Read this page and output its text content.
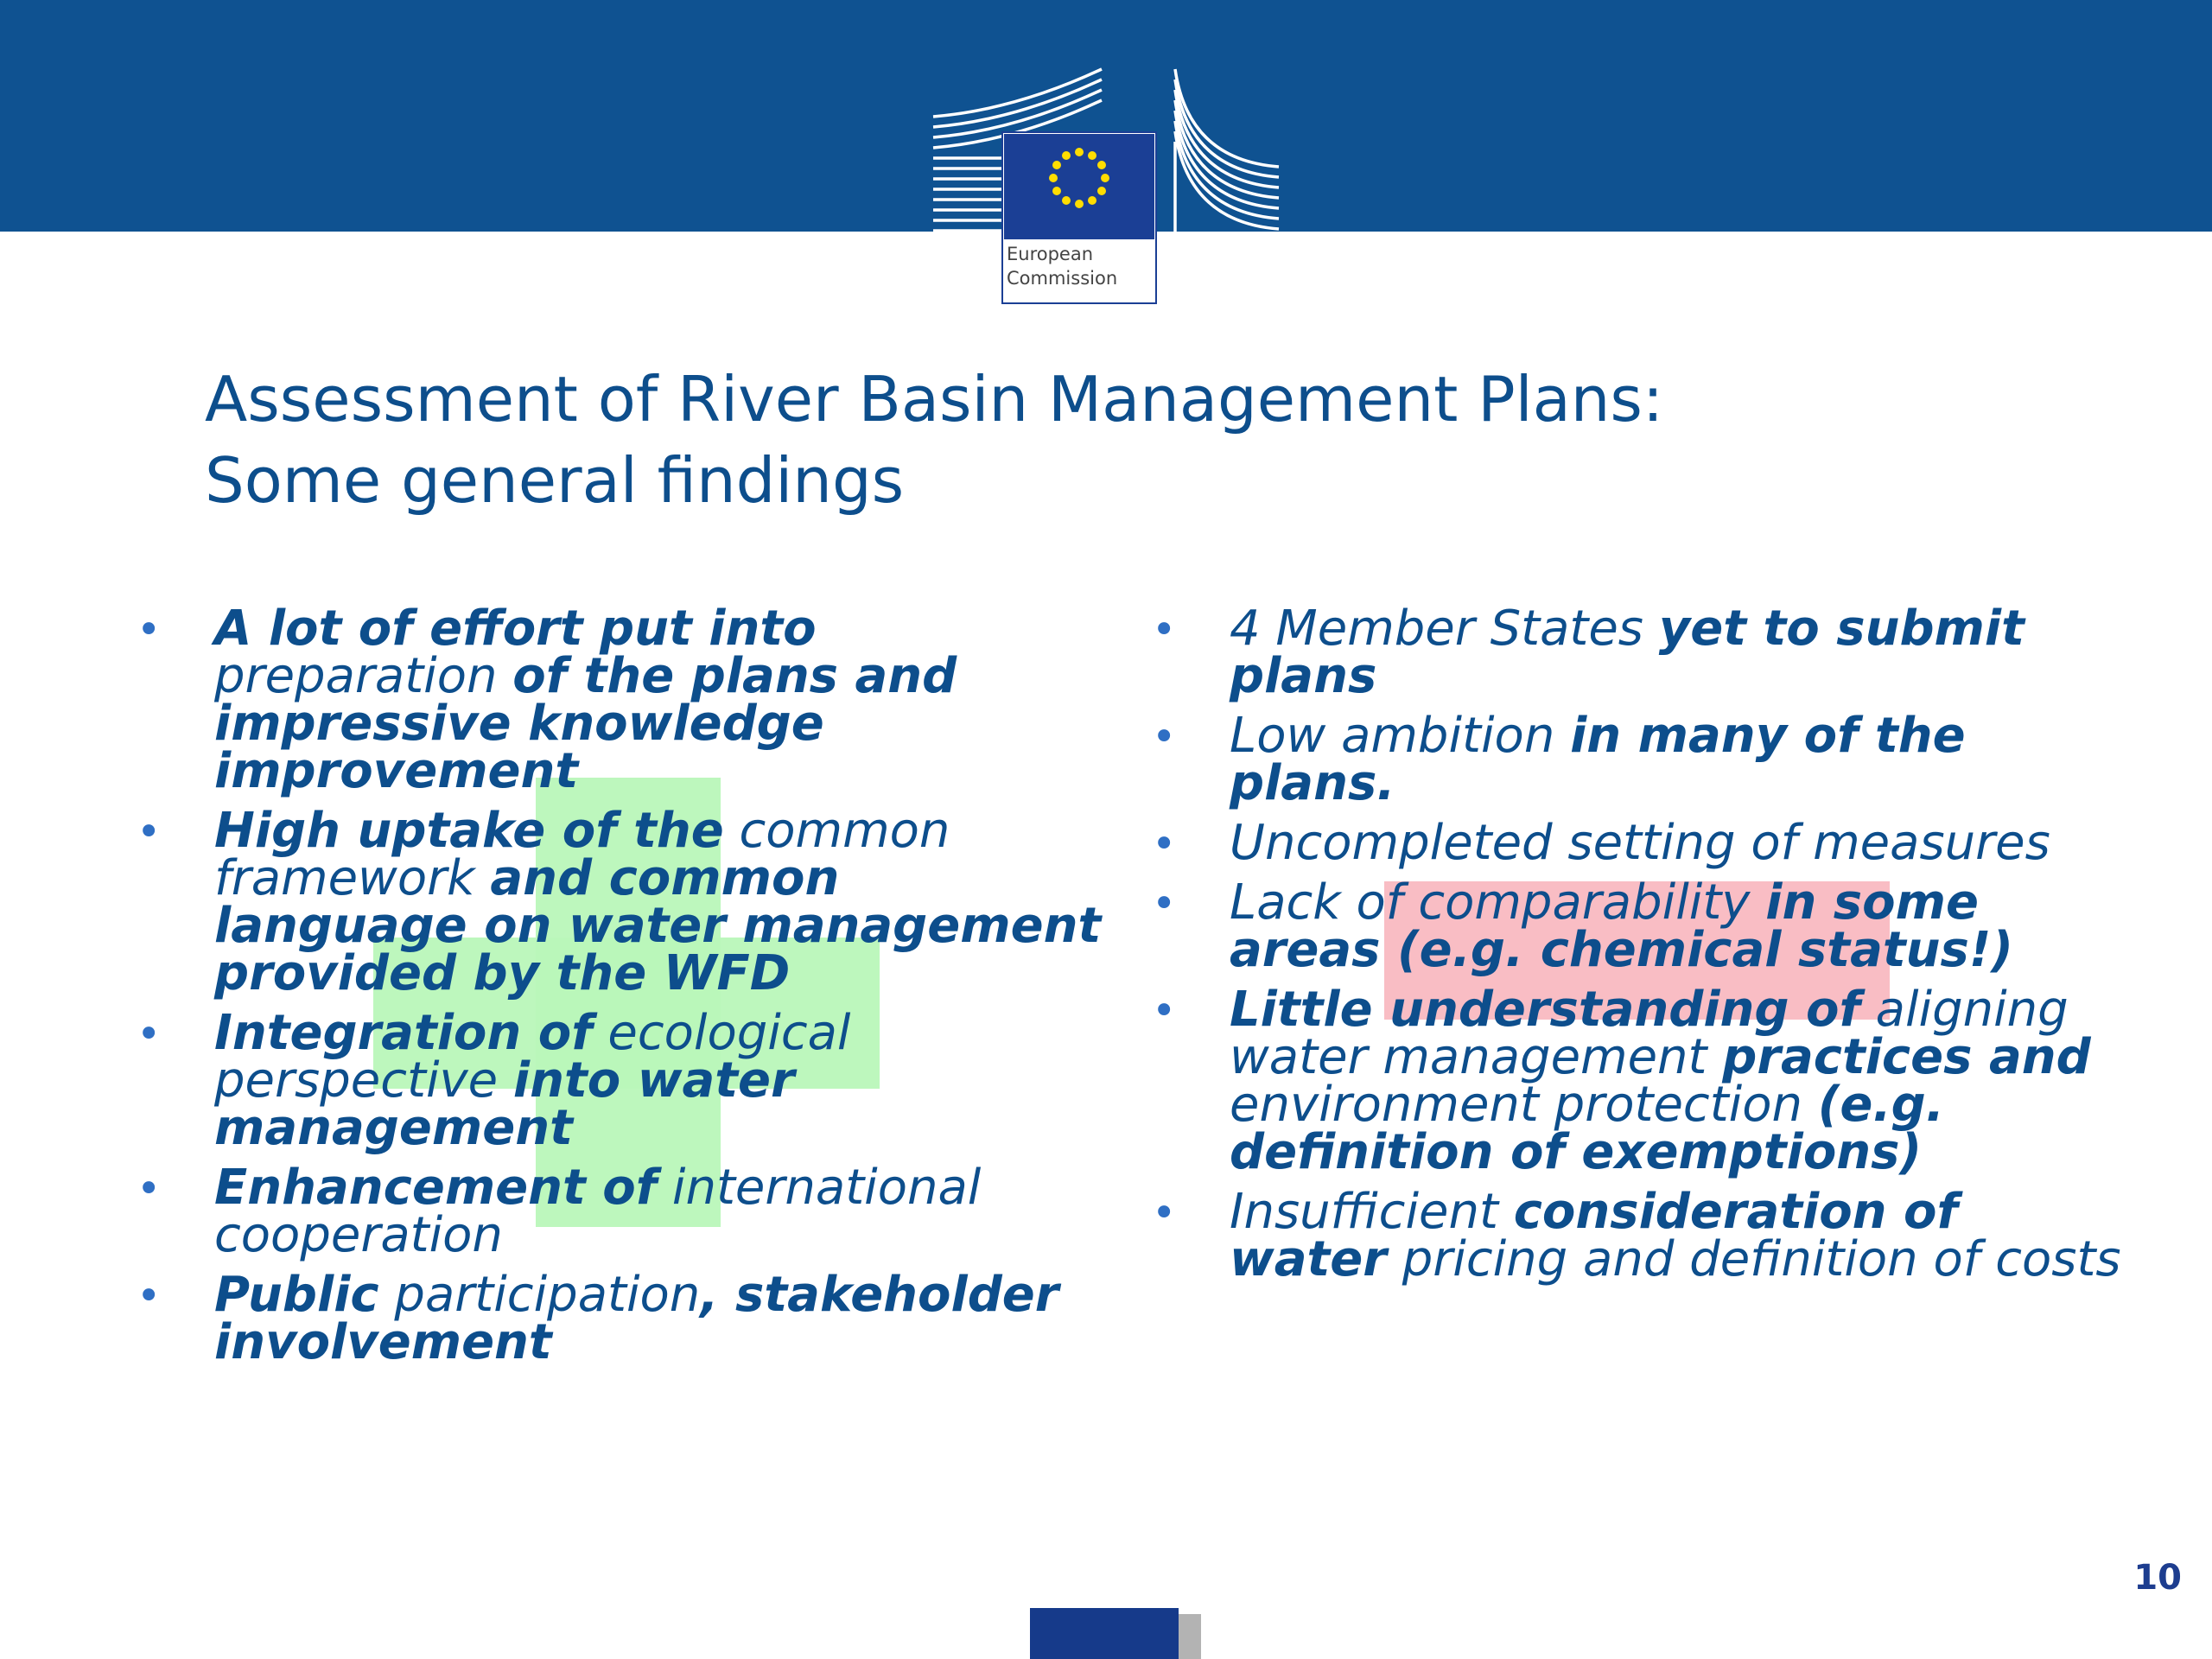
European
Commission
Assessment of River Basin Management Plans:
Some general findings
• A lot of effort put into preparation of the plans and impressive knowledge improvement
• High uptake of the common framework and common language on water management provided by the WFD
• Integration of ecological perspective into water management
• Enhancement of international cooperation
• Public participation, stakeholder involvement
• 4 Member States yet to submit plans
• Low ambition in many of the plans.
• Uncompleted setting of measures
• Lack of comparability in some areas (e.g. chemical status!)
• Little understanding of aligning water management practices and environment protection (e.g. definition of exemptions)
• Insufficient consideration of water pricing and definition of costs
10
